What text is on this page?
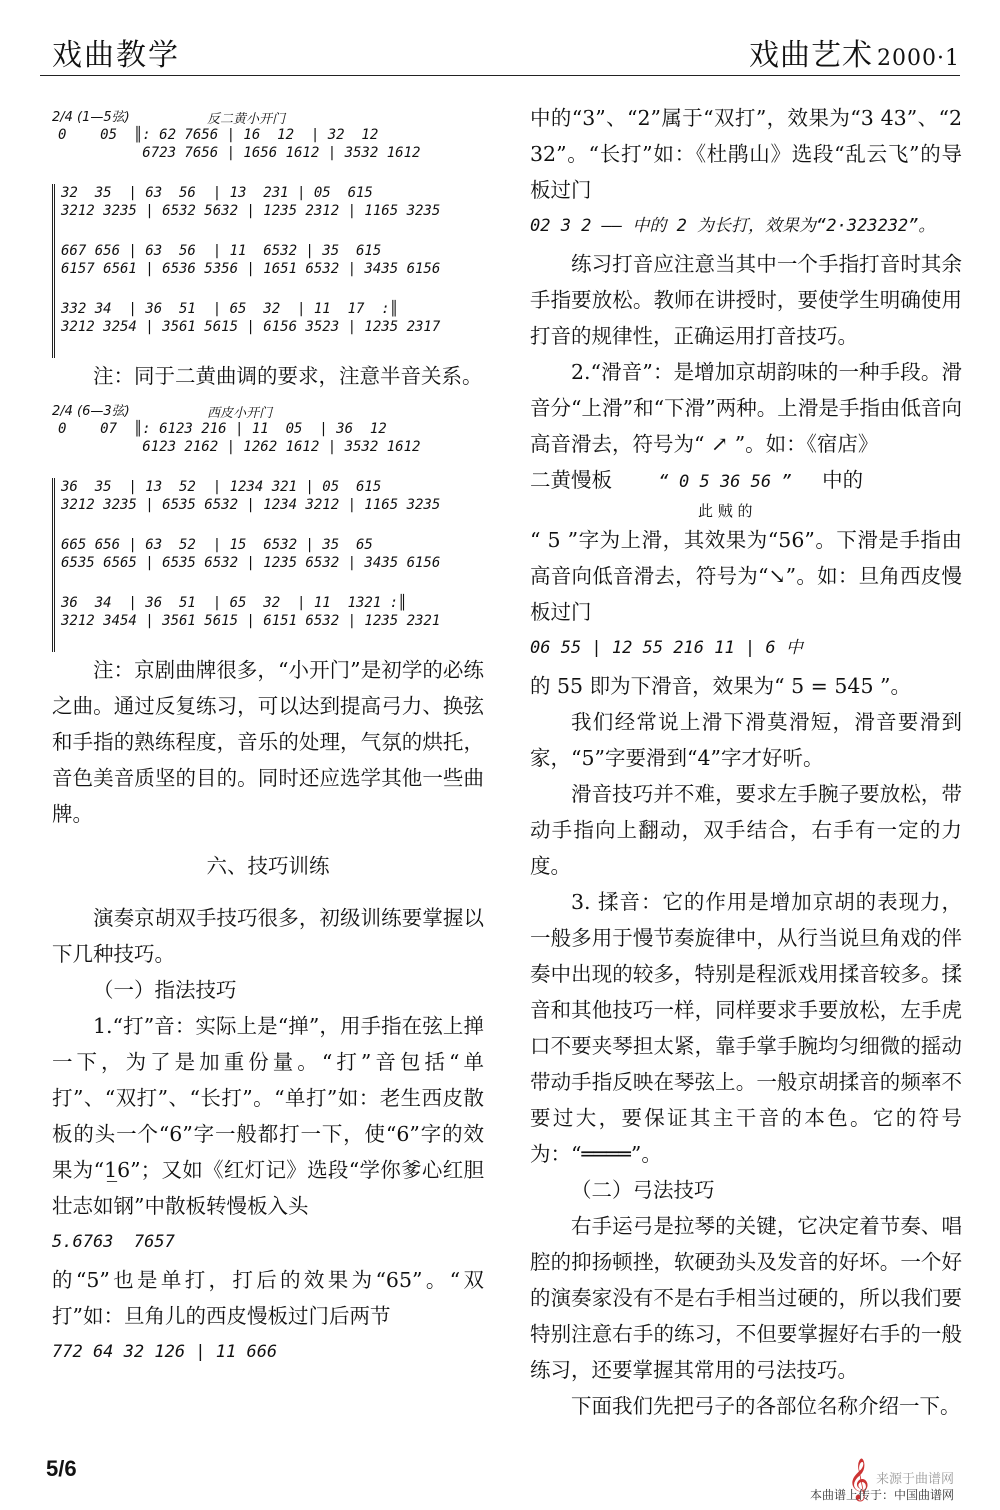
戏曲教学	戏曲艺术 2000·1
2/4 (1—5弦)	反二黄小开门
0    05  ║: 62 7656 | 16  12  | 32  12
6723 7656 | 1656 1612 | 3532 1612
32  35  | 63  56  | 13  231 | 05  615
3212 3235 | 6532 5632 | 1235 2312 | 1165 3235
667 656 | 63  56  | 11  6532 | 35  615
6157 6561 | 6536 5356 | 1651 6532 | 3435 6156
332 34  | 36  51  | 65  32  | 11  17  :║
3212 3254 | 3561 5615 | 6156 3523 | 1235 2317

注：同于二黄曲调的要求，注意半音关系。

2/4 (6—3弦)	西皮小开门
0    07  ║: 6123 216 | 11  05  | 36  12
6123 2162 | 1262 1612 | 3532 1612
36  35  | 13  52  | 1234 321 | 05  615
3212 3235 | 6535 6532 | 1234 3212 | 1165 3235
665 656 | 63  52  | 15  6532 | 35  65
6535 6565 | 6535 6532 | 1235 6532 | 3435 6156
36  34  | 36  51  | 65  32  | 11  1321 :║
3212 3454 | 3561 5615 | 6151 6532 | 1235 2321

注：京剧曲牌很多，“小开门”是初学的必练之曲。通过反复练习，可以达到提高弓力、换弦和手指的熟练程度，音乐的处理，气氛的烘托，音色美音质坚的目的。同时还应选学其他一些曲牌。

六、技巧训练

演奏京胡双手技巧很多，初级训练要掌握以下几种技巧。

（一）指法技巧

1.“打”音：实际上是“掸”，用手指在弦上掸一下，为了是加重份量。“打”音包括“单打”、“双打”、“长打”。“单打”如：老生西皮散板的头一个“6”字一般都打一下，使“6”字的效果为“1̲6”；又如《红灯记》选段“学你爹心红胆壮志如钢”中散板转慢板入头

5.6763  7657

的“5”也是单打，打后的效果为“65”。“双打”如：旦角儿的西皮慢板过门后两节

772 64 32 126 | 11 666

中的“3”、“2”属于“双打”，效果为“3 43”、“2 32”。“长打”如：《杜鹃山》选段“乱云飞”的导板过门

02 3 2 —— 中的 2 为长打，效果为“2·323232”。

练习打音应注意当其中一个手指打音时其余手指要放松。教师在讲授时，要使学生明确使用打音的规律性，正确运用打音技巧。

2.“滑音”：是增加京胡韵味的一种手段。滑音分“上滑”和“下滑”两种。上滑是手指由低音向高音滑去，符号为“ ↗ ”。如：《宿店》

二黄慢板	“ 0 5 36 56 ” 中的

此 贼 的

“ 5 ”字为上滑，其效果为“56”。下滑是手指由高音向低音滑去，符号为“↘”。如：旦角西皮慢板过门

06 55 | 12 55 216 11 | 6 中

的 55 即为下滑音，效果为“ 5 = 545 ”。

我们经常说上滑下滑莫滑短，滑音要滑到家，“5”字要滑到“4”字才好听。

滑音技巧并不难，要求左手腕子要放松，带动手指向上翻动，双手结合，右手有一定的力度。

3. 揉音：它的作用是增加京胡的表现力，一般多用于慢节奏旋律中，从行当说旦角戏的伴奏中出现的较多，特别是程派戏用揉音较多。揉音和其他技巧一样，同样要求手要放松，左手虎口不要夹琴担太紧，靠手掌手腕均匀细微的摇动带动手指反映在琴弦上。一般京胡揉音的频率不要过大，要保证其主干音的本色。它的符号为：“════”。

（二）弓法技巧

右手运弓是拉琴的关键，它决定着节奏、唱腔的抑扬顿挫，软硬劲头及发音的好坏。一个好的演奏家没有不是右手相当过硬的，所以我们要特别注意右手的练习，不但要掌握好右手的一般练习，还要掌握其常用的弓法技巧。

下面我们先把弓子的各部位名称介绍一下。

5/6	𝄞 来源于曲谱网
本曲谱上传于：中国曲谱网
